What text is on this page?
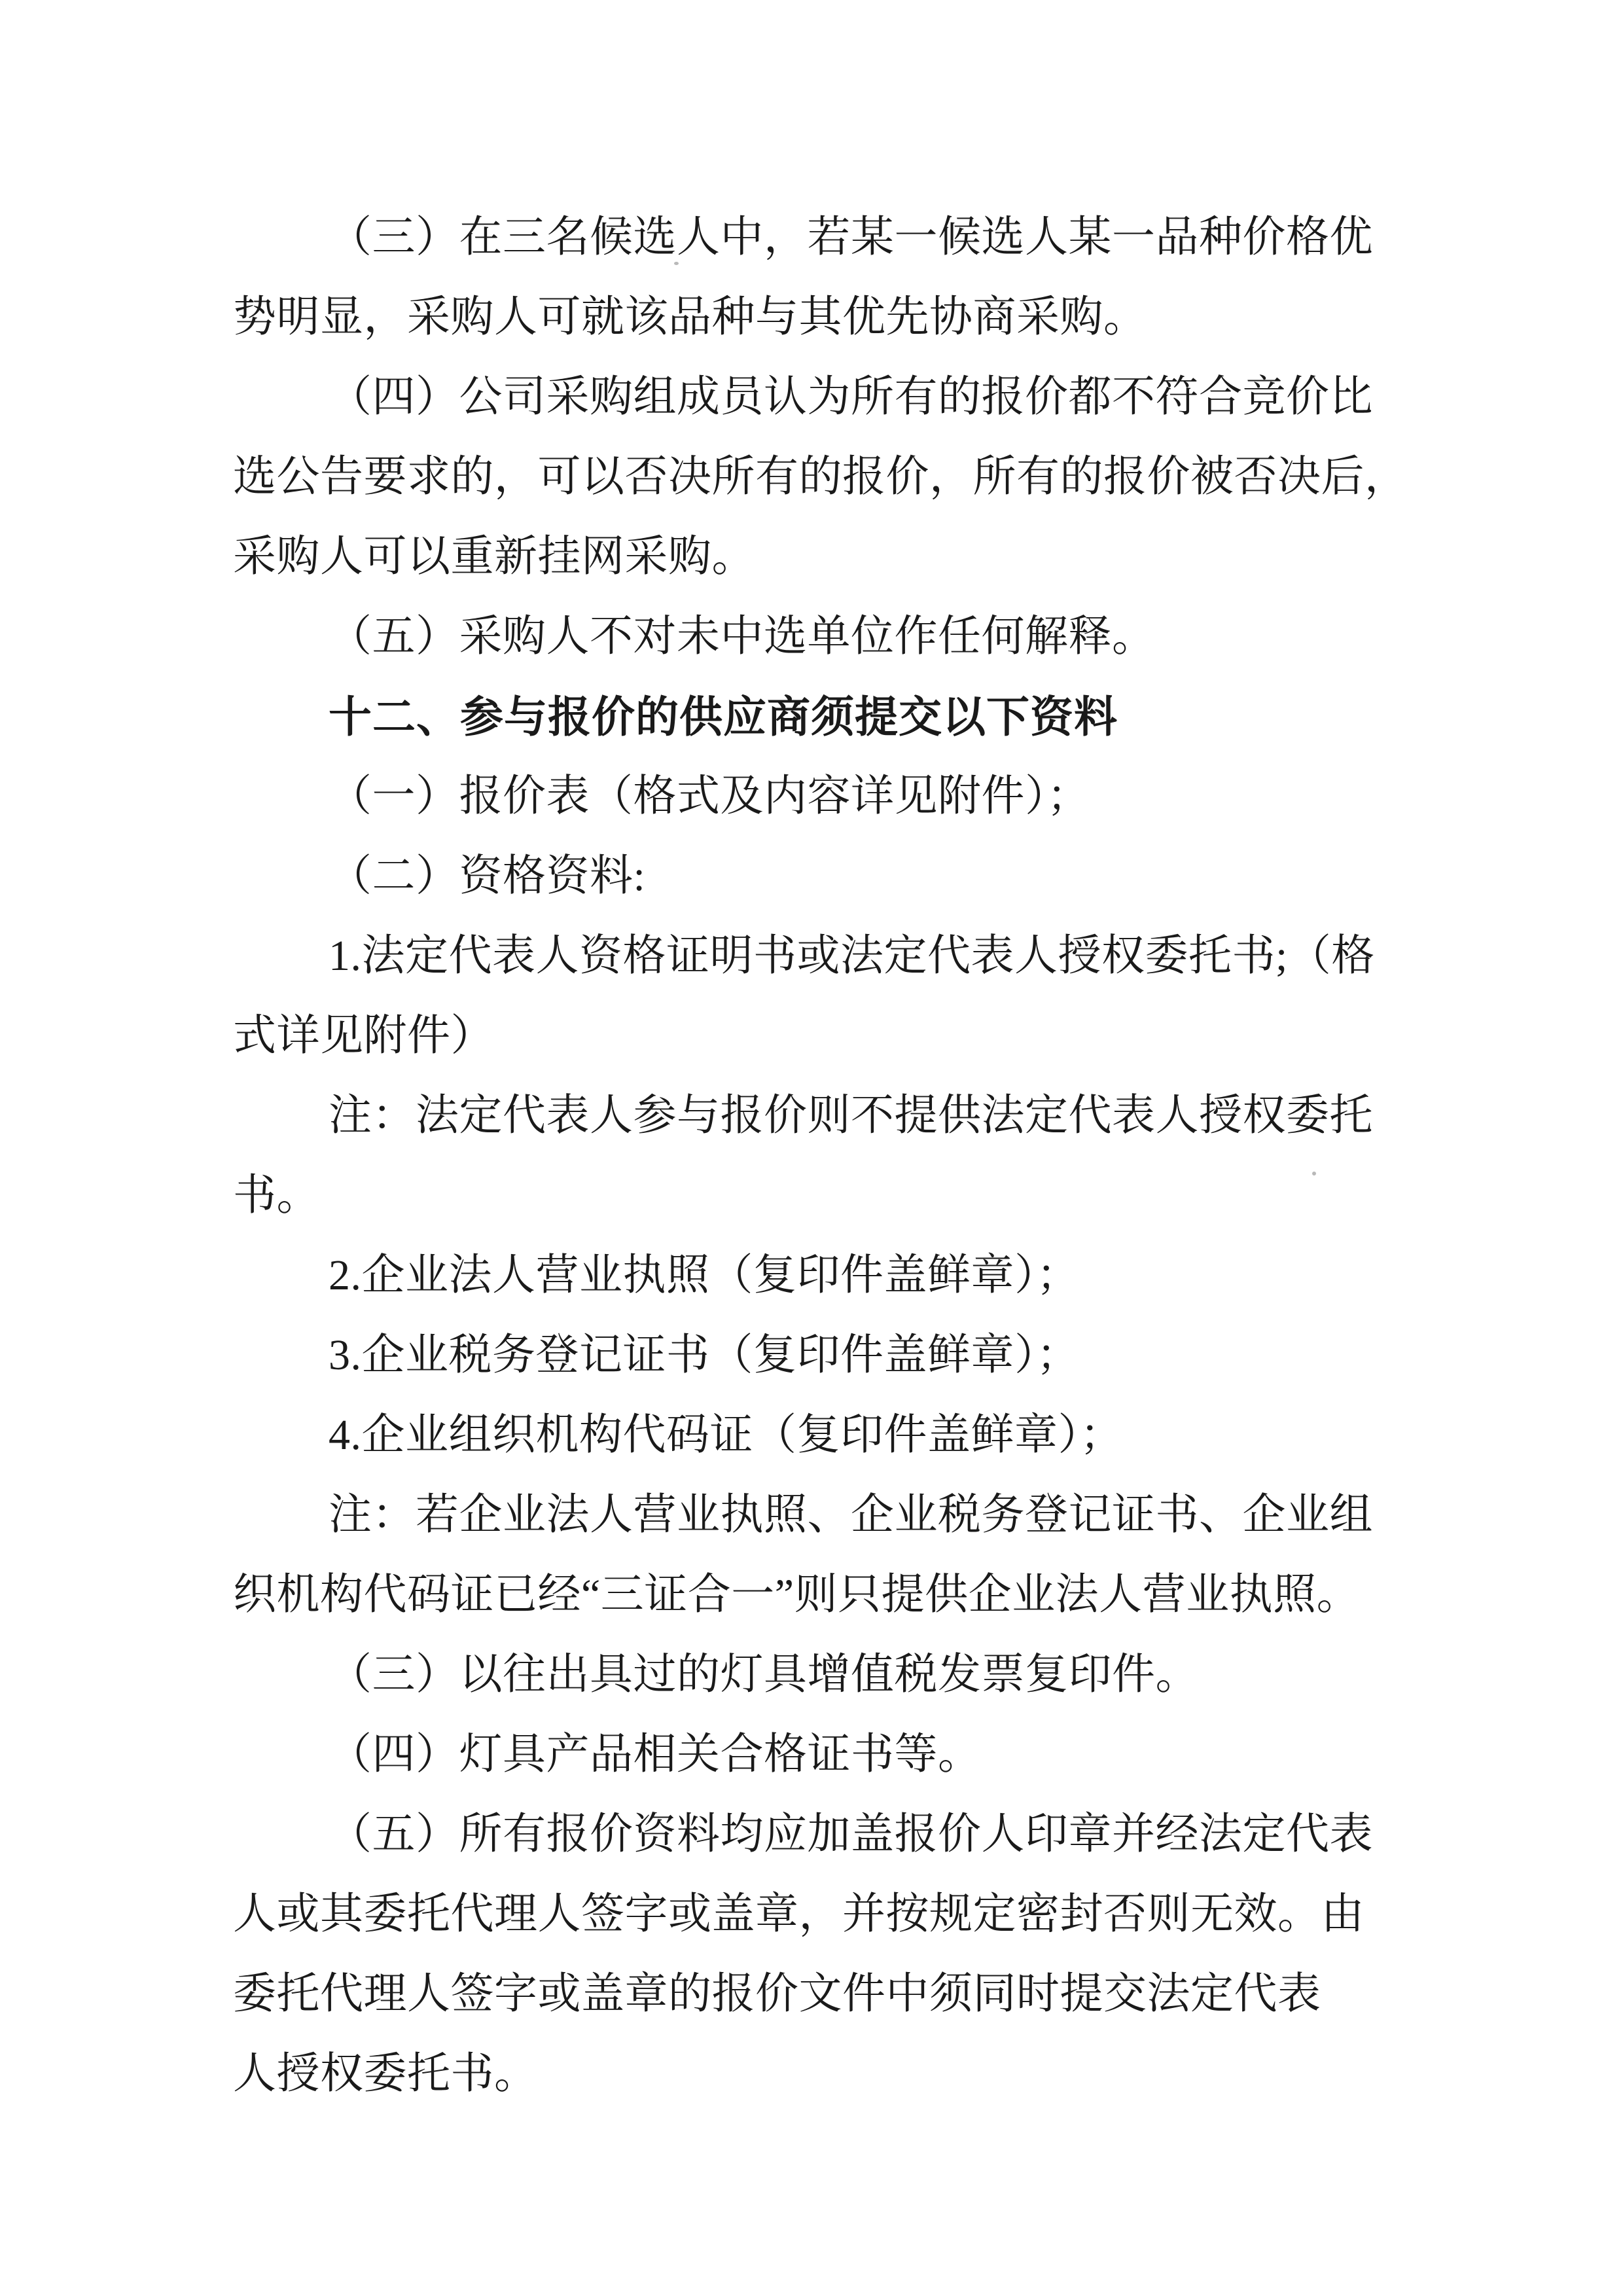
（三）在三名候选人中，若某一候选人某一品种价格优
势明显，采购人可就该品种与其优先协商采购。
（四）公司采购组成员认为所有的报价都不符合竞价比
选公告要求的，可以否决所有的报价，所有的报价被否决后，
采购人可以重新挂网采购。
（五）采购人不对未中选单位作任何解释。
十二、参与报价的供应商须提交以下资料
（一）报价表（格式及内容详见附件）；
（二）资格资料:
1.法定代表人资格证明书或法定代表人授权委托书;（格
式详见附件）
注：法定代表人参与报价则不提供法定代表人授权委托
书。
2.企业法人营业执照（复印件盖鲜章）；
3.企业税务登记证书（复印件盖鲜章）；
4.企业组织机构代码证（复印件盖鲜章）；
注：若企业法人营业执照、企业税务登记证书、企业组
织机构代码证已经“三证合一”则只提供企业法人营业执照。
（三）以往出具过的灯具增值税发票复印件。
（四）灯具产品相关合格证书等。
（五）所有报价资料均应加盖报价人印章并经法定代表
人或其委托代理人签字或盖章，并按规定密封否则无效。由
委托代理人签字或盖章的报价文件中须同时提交法定代表
人授权委托书。
